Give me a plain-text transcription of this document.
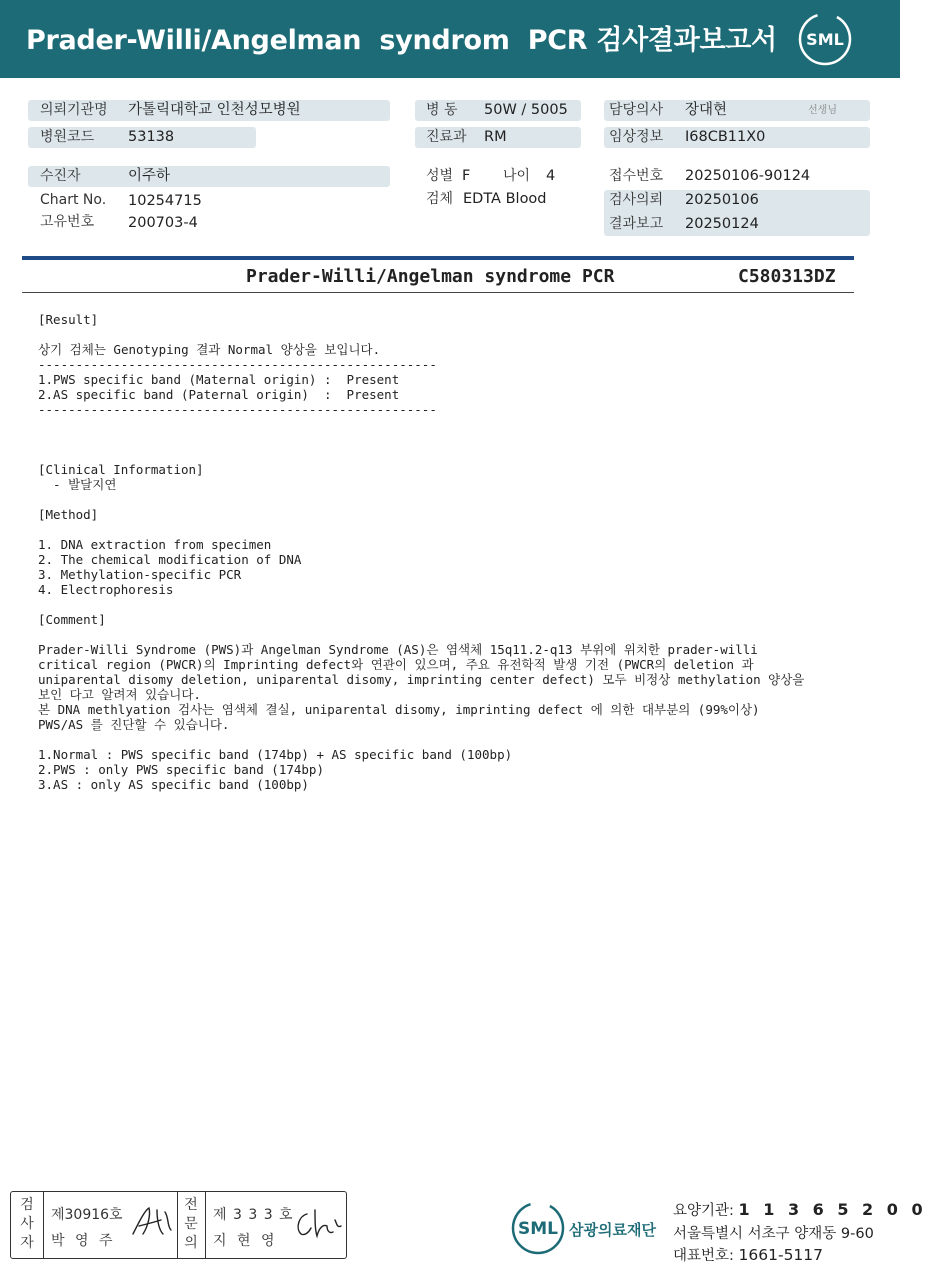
Prader-Willi/Angelman  syndrom  PCR 검사결과보고서 SML
의뢰기관명 가톨릭대학교 인천성모병원	병 동 50W / 5005	담당의사 장대현	선생님
병원코드 53138	진료과 RM	임상정보 I68CB11X0
수진자	이주하	성별 F 나이 4	접수번호 20250106-90124
Chart No. 10254715	검체 EDTA Blood	검사의뢰 20250106
고유번호 200703-4	결과보고 20250124
Prader-Willi/Angelman syndrome PCR	C580313DZ
[Result]
상기 검체는 Genotyping 결과 Normal 양상을 보입니다.
-----------------------------------------------------
1.PWS specific band (Maternal origin) :  Present
2.AS specific band (Paternal origin)  :  Present
-----------------------------------------------------
[Clinical Information]
- 발달지연
[Method]
1. DNA extraction from specimen
2. The chemical modification of DNA
3. Methylation-specific PCR
4. Electrophoresis
[Comment]
Prader-Willi Syndrome (PWS)과 Angelman Syndrome (AS)은 염색체 15q11.2-q13 부위에 위치한 prader-willi
critical region (PWCR)의 Imprinting defect와 연관이 있으며, 주요 유전학적 발생 기전 (PWCR의 deletion 과
uniparental disomy deletion, uniparental disomy, imprinting center defect) 모두 비정상 methylation 양상을
보인 다고 알려져 있습니다.
본 DNA methlyation 검사는 염색체 결실, uniparental disomy, imprinting defect 에 의한 대부분의 (99%이상)
PWS/AS 를 진단할 수 있습니다.
1.Normal : PWS specific band (174bp) + AS specific band (100bp)
2.PWS : only PWS specific band (174bp)
3.AS : only AS specific band (100bp)
검
사
자
제30916호
박 영 주
전
문
의
제 3 3 3 호
지 현 영
SML 삼광의료재단
요양기관: 1 1 3 6 5 2 0 0
서울특별시 서초구 양재동 9-60
대표번호: 1661-5117
